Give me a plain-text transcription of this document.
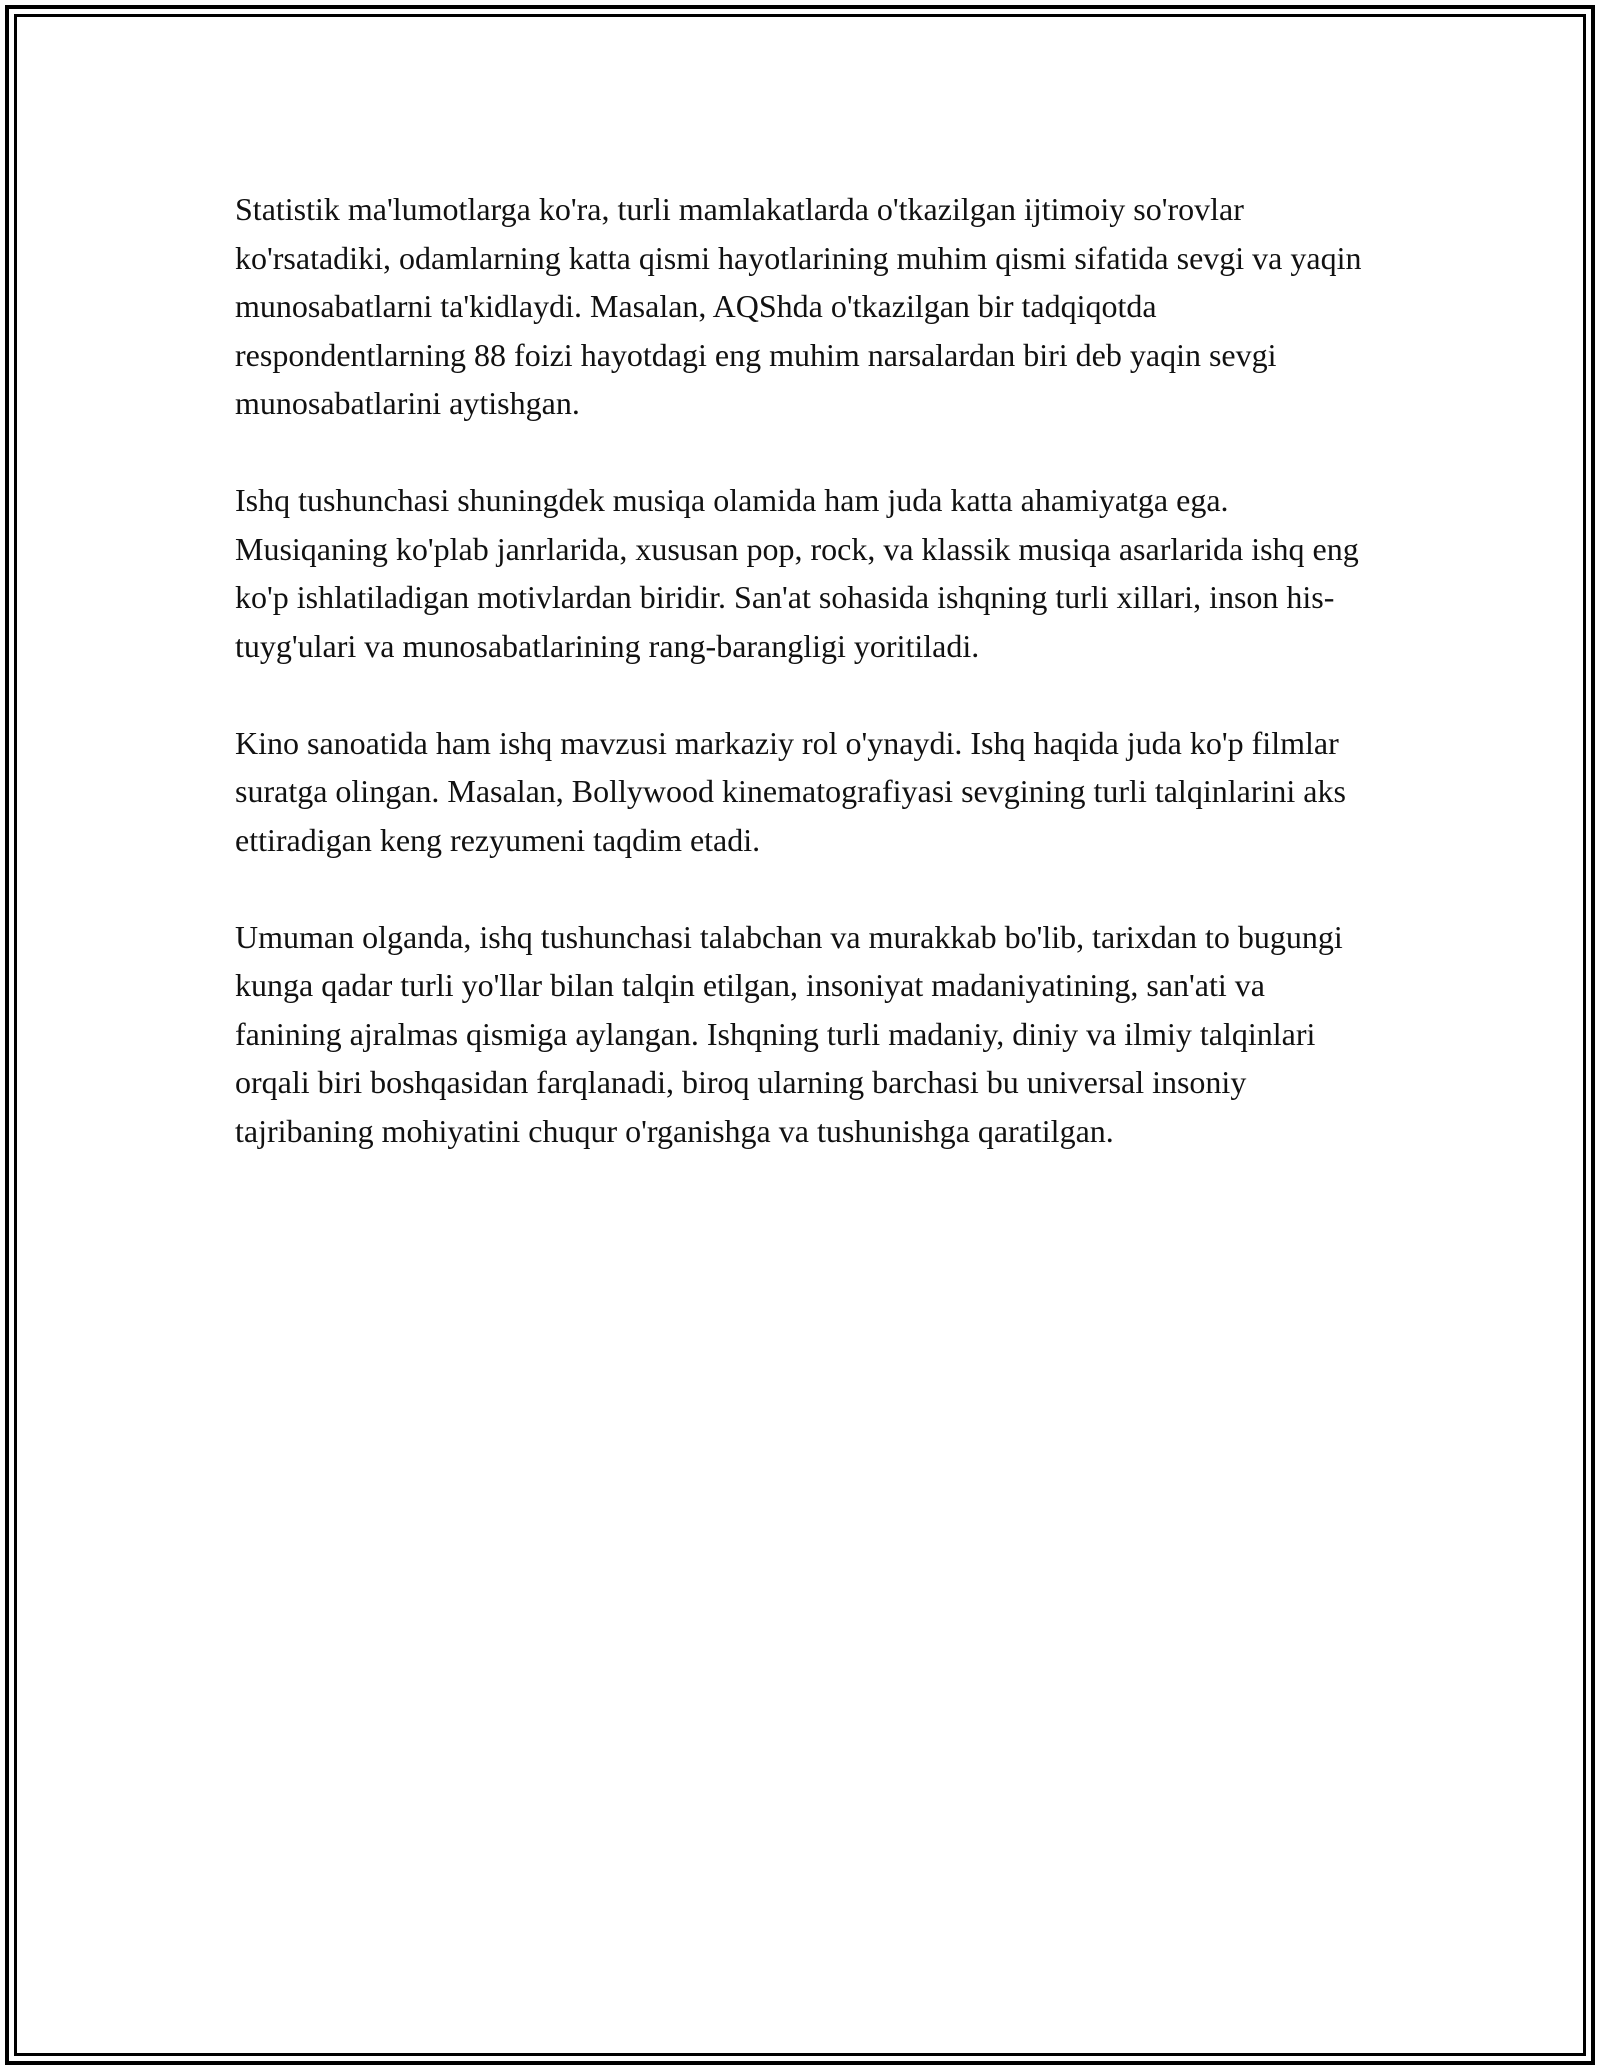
Statistik ma'lumotlarga ko'ra, turli mamlakatlarda o'tkazilgan ijtimoiy so'rovlar ko'rsatadiki, odamlarning katta qismi hayotlarining muhim qismi sifatida sevgi va yaqin munosabatlarni ta'kidlaydi. Masalan, AQShda o'tkazilgan bir tadqiqotda respondentlarning 88 foizi hayotdagi eng muhim narsalardan biri deb yaqin sevgi munosabatlarini aytishgan.

Ishq tushunchasi shuningdek musiqa olamida ham juda katta ahamiyatga ega. Musiqaning ko'plab janrlarida, xususan pop, rock, va klassik musiqa asarlarida ishq eng ko'p ishlatiladigan motivlardan biridir. San'at sohasida ishqning turli xillari, inson his-tuyg'ulari va munosabatlarining rang-barangligi yoritiladi.

Kino sanoatida ham ishq mavzusi markaziy rol o'ynaydi. Ishq haqida juda ko'p filmlar suratga olingan. Masalan, Bollywood kinematografiyasi sevgining turli talqinlarini aks ettiradigan keng rezyumeni taqdim etadi.

Umuman olganda, ishq tushunchasi talabchan va murakkab bo'lib, tarixdan to bugungi kunga qadar turli yo'llar bilan talqin etilgan, insoniyat madaniyatining, san'ati va fanining ajralmas qismiga aylangan. Ishqning turli madaniy, diniy va ilmiy talqinlari orqali biri boshqasidan farqlanadi, biroq ularning barchasi bu universal insoniy tajribaning mohiyatini chuqur o'rganishga va tushunishga qaratilgan.
